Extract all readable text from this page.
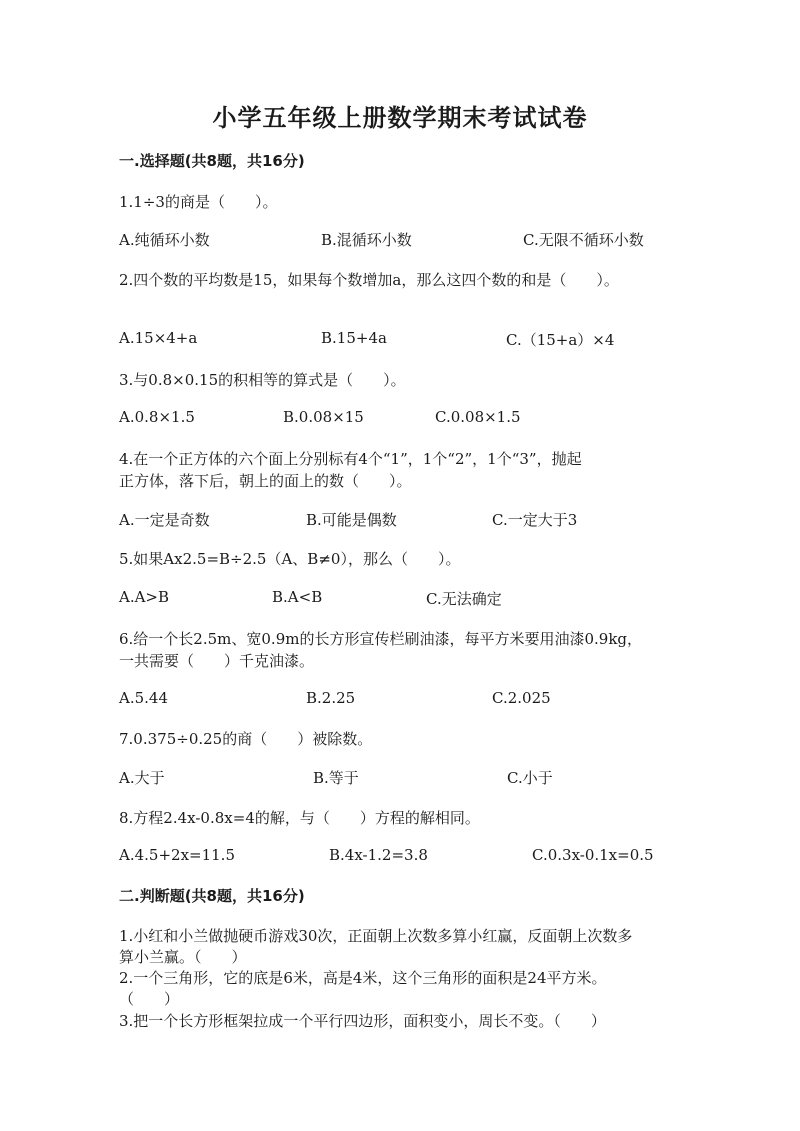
小学五年级上册数学期末考试试卷
一.选择题(共8题，共16分)
1.1÷3的商是（　　）。
A.纯循环小数	B.混循环小数	C.无限不循环小数
2.四个数的平均数是15，如果每个数增加a，那么这四个数的和是（　　）。
A.15×4+a	B.15+4a	C.（15+a）×4
3.与0.8×0.15的积相等的算式是（　　）。
A.0.8×1.5	B.0.08×15	C.0.08×1.5
4.在一个正方体的六个面上分别标有4个“1”，1个“2”，1个“3”，抛起
正方体，落下后，朝上的面上的数（　　）。
A.一定是奇数	B.可能是偶数	C.一定大于3
5.如果Ax2.5=B÷2.5（A、B≠0），那么（　　）。
A.A>B	B.A<B	C.无法确定
6.给一个长2.5m、宽0.9m的长方形宣传栏刷油漆，每平方米要用油漆0.9kg，
一共需要（　　）千克油漆。
A.5.44	B.2.25	C.2.025
7.0.375÷0.25的商（　　）被除数。
A.大于	B.等于	C.小于
8.方程2.4x-0.8x=4的解，与（　　）方程的解相同。
A.4.5+2x=11.5	B.4x-1.2=3.8	C.0.3x-0.1x=0.5
二.判断题(共8题，共16分)
1.小红和小兰做抛硬币游戏30次，正面朝上次数多算小红赢，反面朝上次数多
算小兰赢。（　　）
2.一个三角形，它的底是6米，高是4米，这个三角形的面积是24平方米。
（　　）
3.把一个长方形框架拉成一个平行四边形，面积变小，周长不变。（　　）
